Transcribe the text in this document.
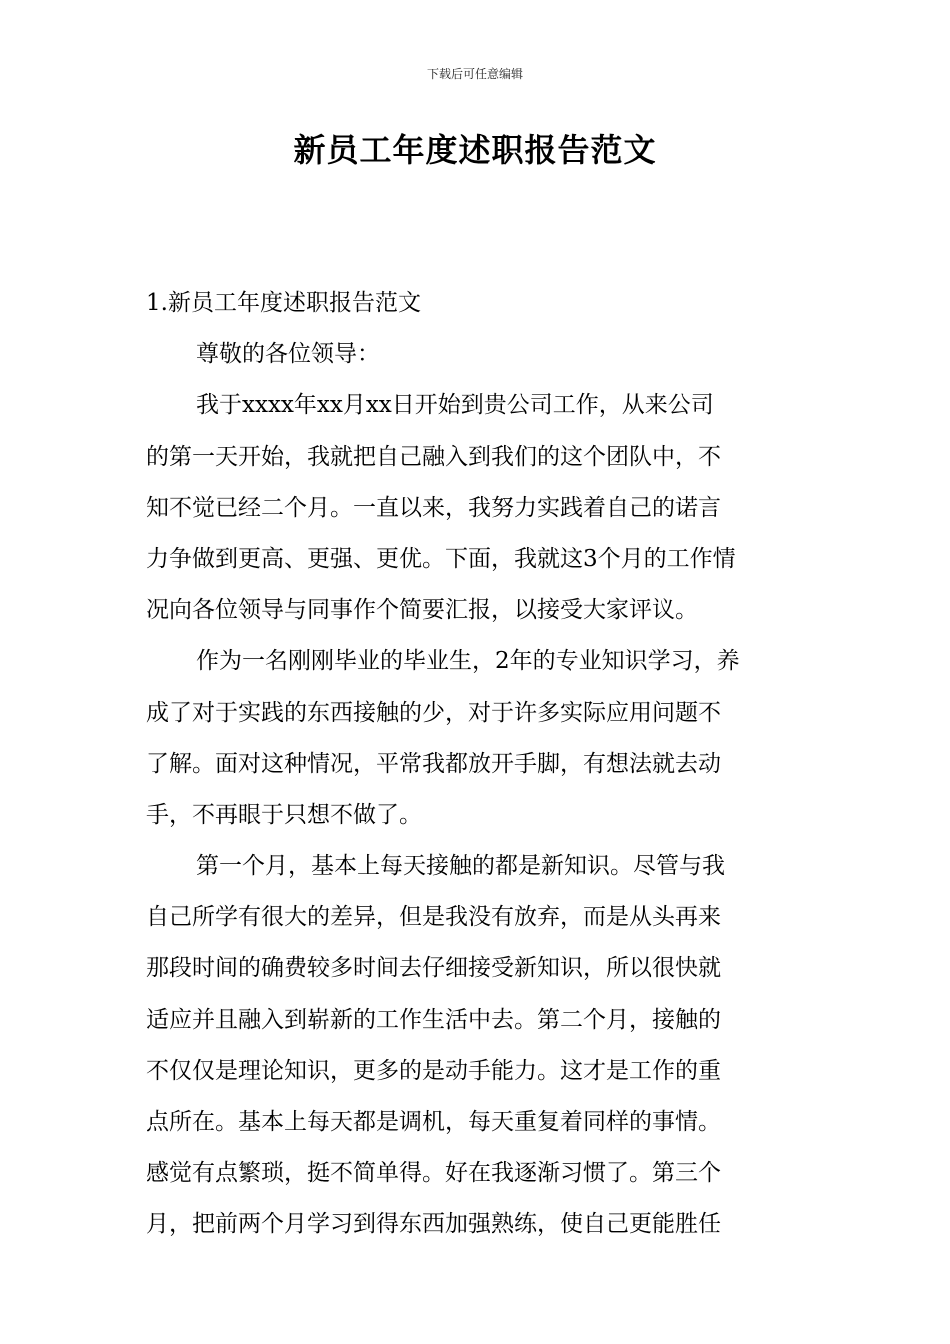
下载后可任意编辑
新员工年度述职报告范文
1.新员工年度述职报告范文
尊敬的各位领导：
我于xxxx年xx月xx日开始到贵公司工作，从来公司
的第一天开始，我就把自己融入到我们的这个团队中，不
知不觉已经二个月。一直以来，我努力实践着自己的诺言
力争做到更高、更强、更优。下面，我就这3个月的工作情
况向各位领导与同事作个简要汇报，以接受大家评议。
作为一名刚刚毕业的毕业生，2年的专业知识学习，养
成了对于实践的东西接触的少，对于许多实际应用问题不
了解。面对这种情况，平常我都放开手脚，有想法就去动
手，不再眼于只想不做了。
第一个月，基本上每天接触的都是新知识。尽管与我
自己所学有很大的差异，但是我没有放弃，而是从头再来
那段时间的确费较多时间去仔细接受新知识，所以很快就
适应并且融入到崭新的工作生活中去。第二个月，接触的
不仅仅是理论知识，更多的是动手能力。这才是工作的重
点所在。基本上每天都是调机，每天重复着同样的事情。
感觉有点繁琐，挺不简单得。好在我逐渐习惯了。第三个
月，把前两个月学习到得东西加强熟练，使自己更能胜任
